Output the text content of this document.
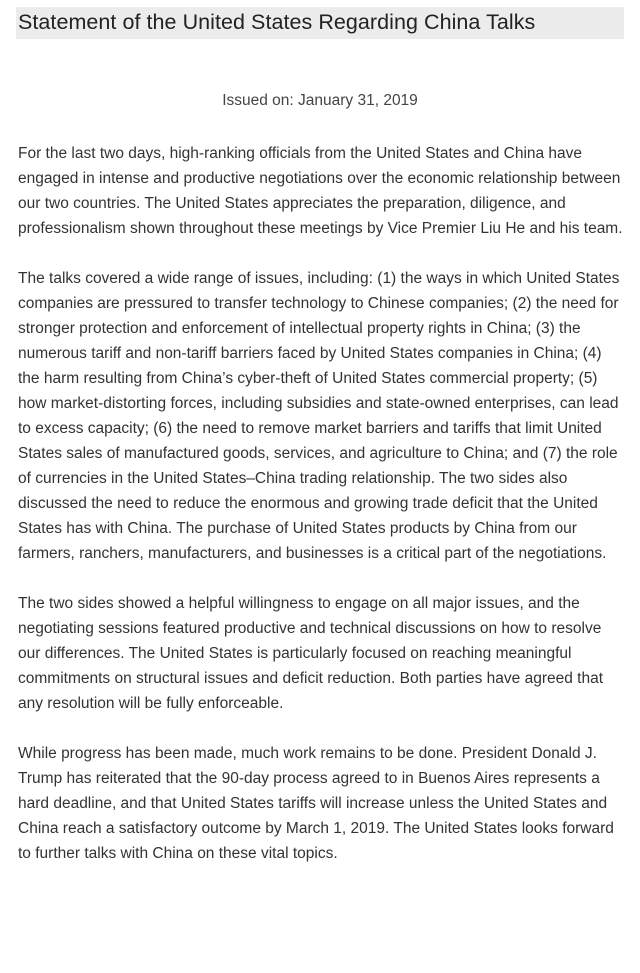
Statement of the United States Regarding China Talks
Issued on: January 31, 2019

For the last two days, high-ranking officials from the United States and China have engaged in intense and productive negotiations over the economic relationship between our two countries. The United States appreciates the preparation, diligence, and professionalism shown throughout these meetings by Vice Premier Liu He and his team.

The talks covered a wide range of issues, including: (1) the ways in which United States companies are pressured to transfer technology to Chinese companies; (2) the need for stronger protection and enforcement of intellectual property rights in China; (3) the numerous tariff and non-tariff barriers faced by United States companies in China; (4) the harm resulting from China’s cyber-theft of United States commercial property; (5) how market-distorting forces, including subsidies and state-owned enterprises, can lead to excess capacity; (6) the need to remove market barriers and tariffs that limit United States sales of manufactured goods, services, and agriculture to China; and (7) the role of currencies in the United States–China trading relationship. The two sides also discussed the need to reduce the enormous and growing trade deficit that the United States has with China. The purchase of United States products by China from our farmers, ranchers, manufacturers, and businesses is a critical part of the negotiations.

The two sides showed a helpful willingness to engage on all major issues, and the negotiating sessions featured productive and technical discussions on how to resolve our differences. The United States is particularly focused on reaching meaningful commitments on structural issues and deficit reduction. Both parties have agreed that any resolution will be fully enforceable.

While progress has been made, much work remains to be done. President Donald J. Trump has reiterated that the 90-day process agreed to in Buenos Aires represents a hard deadline, and that United States tariffs will increase unless the United States and China reach a satisfactory outcome by March 1, 2019. The United States looks forward to further talks with China on these vital topics.
